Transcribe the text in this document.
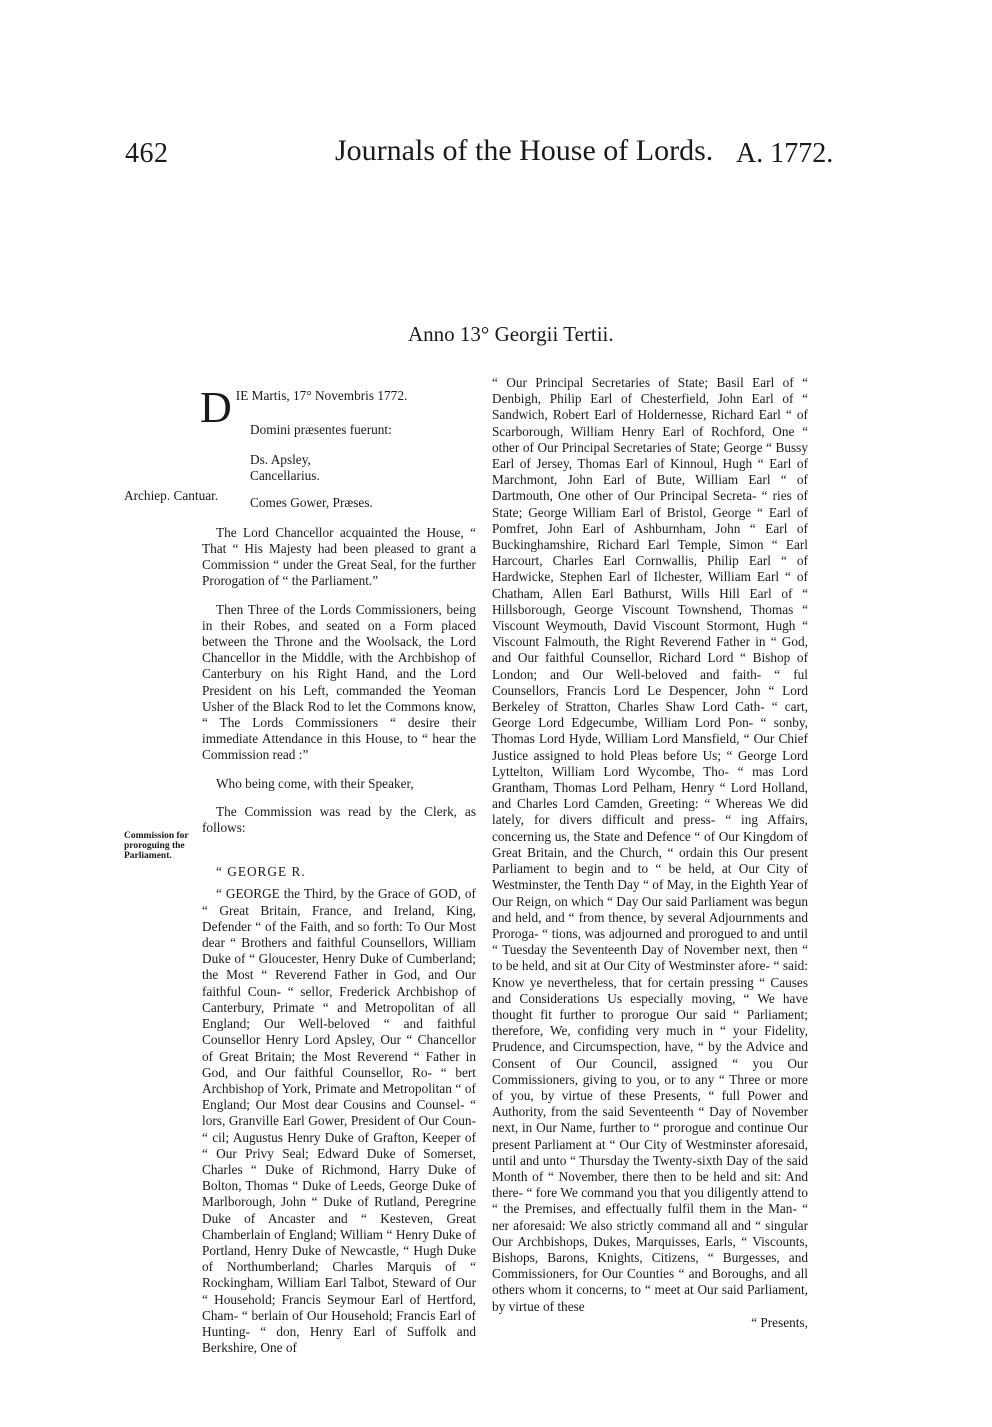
462	Journals of the House of Lords. A. 1772.
Anno 13° Georgii Tertii.

D IE Martis, 17° Novembris 1772.

Domini præsentes fuerunt:

Ds. Apsley, Cancellarius.

Comes Gower, Præses.

The Lord Chancellor acquainted the House, “ That “ His Majesty had been pleased to grant a Commission “ under the Great Seal, for the further Prorogation of “ the Parliament.”

Then Three of the Lords Commissioners, being in their Robes, and seated on a Form placed between the Throne and the Woolsack, the Lord Chancellor in the Middle, with the Archbishop of Canterbury on his Right Hand, and the Lord President on his Left, commanded the Yeoman Usher of the Black Rod to let the Commons know, “ The Lords Commissioners “ desire their immediate Attendance in this House, to “ hear the Commission read :”

Who being come, with their Speaker,

The Commission was read by the Clerk, as follows:

“ GEORGE R.

“ GEORGE the Third, by the Grace of GOD, of “ Great Britain, France, and Ireland, King, Defender “ of the Faith, and so forth: To Our Most dear “ Brothers and faithful Counsellors, William Duke of “ Gloucester, Henry Duke of Cumberland; the Most “ Reverend Father in God, and Our faithful Coun- “ sellor, Frederick Archbishop of Canterbury, Primate “ and Metropolitan of all England; Our Well-beloved “ and faithful Counsellor Henry Lord Apsley, Our “ Chancellor of Great Britain; the Most Reverend “ Father in God, and Our faithful Counsellor, Ro- “ bert Archbishop of York, Primate and Metropolitan “ of England; Our Most dear Cousins and Counsel- “ lors, Granville Earl Gower, President of Our Coun- “ cil; Augustus Henry Duke of Grafton, Keeper of “ Our Privy Seal; Edward Duke of Somerset, Charles “ Duke of Richmond, Harry Duke of Bolton, Thomas “ Duke of Leeds, George Duke of Marlborough, John “ Duke of Rutland, Peregrine Duke of Ancaster and “ Kesteven, Great Chamberlain of England; William “ Henry Duke of Portland, Henry Duke of Newcastle, “ Hugh Duke of Northumberland; Charles Marquis of “ Rockingham, William Earl Talbot, Steward of Our “ Household; Francis Seymour Earl of Hertford, Cham- “ berlain of Our Household; Francis Earl of Hunting- “ don, Henry Earl of Suffolk and Berkshire, One of

Archiep. Cantuar.
Commission for proroguing the Parliament.

“ Our Principal Secretaries of State; Basil Earl of “ Denbigh, Philip Earl of Chesterfield, John Earl of “ Sandwich, Robert Earl of Holdernesse, Richard Earl “ of Scarborough, William Henry Earl of Rochford, One “ other of Our Principal Secretaries of State; George “ Bussy Earl of Jersey, Thomas Earl of Kinnoul, Hugh “ Earl of Marchmont, John Earl of Bute, William Earl “ of Dartmouth, One other of Our Principal Secreta- “ ries of State; George William Earl of Bristol, George “ Earl of Pomfret, John Earl of Ashburnham, John “ Earl of Buckinghamshire, Richard Earl Temple, Simon “ Earl Harcourt, Charles Earl Cornwallis, Philip Earl “ of Hardwicke, Stephen Earl of Ilchester, William Earl “ of Chatham, Allen Earl Bathurst, Wills Hill Earl of “ Hillsborough, George Viscount Townshend, Thomas “ Viscount Weymouth, David Viscount Stormont, Hugh “ Viscount Falmouth, the Right Reverend Father in “ God, and Our faithful Counsellor, Richard Lord “ Bishop of London; and Our Well-beloved and faith- “ ful Counsellors, Francis Lord Le Despencer, John “ Lord Berkeley of Stratton, Charles Shaw Lord Cath- “ cart, George Lord Edgecumbe, William Lord Pon- “ sonby, Thomas Lord Hyde, William Lord Mansfield, “ Our Chief Justice assigned to hold Pleas before Us; “ George Lord Lyttelton, William Lord Wycombe, Tho- “ mas Lord Grantham, Thomas Lord Pelham, Henry “ Lord Holland, and Charles Lord Camden, Greeting: “ Whereas We did lately, for divers difficult and press- “ ing Affairs, concerning us, the State and Defence “ of Our Kingdom of Great Britain, and the Church, “ ordain this Our present Parliament to begin and to “ be held, at Our City of Westminster, the Tenth Day “ of May, in the Eighth Year of Our Reign, on which “ Day Our said Parliament was begun and held, and “ from thence, by several Adjournments and Proroga- “ tions, was adjourned and prorogued to and until “ Tuesday the Seventeenth Day of November next, then “ to be held, and sit at Our City of Westminster afore- “ said: Know ye nevertheless, that for certain pressing “ Causes and Considerations Us especially moving, “ We have thought fit further to prorogue Our said “ Parliament; therefore, We, confiding very much in “ your Fidelity, Prudence, and Circumspection, have, “ by the Advice and Consent of Our Council, assigned “ you Our Commissioners, giving to you, or to any “ Three or more of you, by virtue of these Presents, “ full Power and Authority, from the said Seventeenth “ Day of November next, in Our Name, further to “ prorogue and continue Our present Parliament at “ Our City of Westminster aforesaid, until and unto “ Thursday the Twenty-sixth Day of the said Month of “ November, there then to be held and sit: And there- “ fore We command you that you diligently attend to “ the Premises, and effectually fulfil them in the Man- “ ner aforesaid: We also strictly command all and “ singular Our Archbishops, Dukes, Marquisses, Earls, “ Viscounts, Bishops, Barons, Knights, Citizens, “ Burgesses, and Commissioners, for Our Counties “ and Boroughs, and all others whom it concerns, to “ meet at Our said Parliament, by virtue of these

“ Presents,
